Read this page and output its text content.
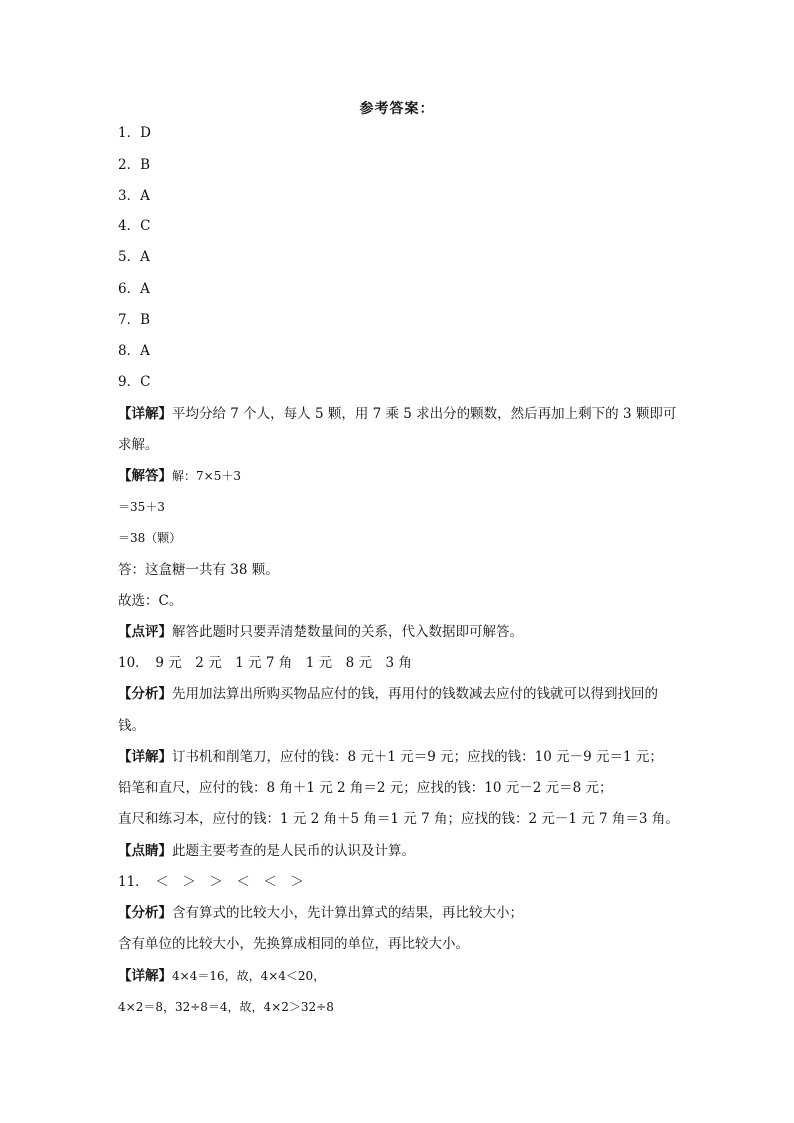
参考答案：
1．D
2．B
3．A
4．C
5．A
6．A
7．B
8．A
9．C
【详解】平均分给 7 个人，每人 5 颗，用 7 乘 5 求出分的颗数，然后再加上剩下的 3 颗即可
求解。
【解答】解：7×5＋3
＝35＋3
＝38（颗）
答：这盒糖一共有 38 颗。
故选：C。
【点评】解答此题时只要弄清楚数量间的关系，代入数据即可解答。
10．　9 元　2 元　1 元 7 角　1 元　8 元　3 角
【分析】先用加法算出所购买物品应付的钱，再用付的钱数减去应付的钱就可以得到找回的
钱。
【详解】订书机和削笔刀，应付的钱：8 元＋1 元＝9 元；应找的钱：10 元－9 元＝1 元；
铅笔和直尺，应付的钱：8 角＋1 元 2 角＝2 元；应找的钱：10 元－2 元＝8 元；
直尺和练习本，应付的钱：1 元 2 角＋5 角＝1 元 7 角；应找的钱：2 元－1 元 7 角＝3 角。
【点睛】此题主要考查的是人民币的认识及计算。
11．　＜　＞　＞　＜　＜　＞
【分析】含有算式的比较大小，先计算出算式的结果，再比较大小；
含有单位的比较大小，先换算成相同的单位，再比较大小。
【详解】4×4＝16，故，4×4＜20，
4×2＝8，32÷8＝4，故，4×2＞32÷8
